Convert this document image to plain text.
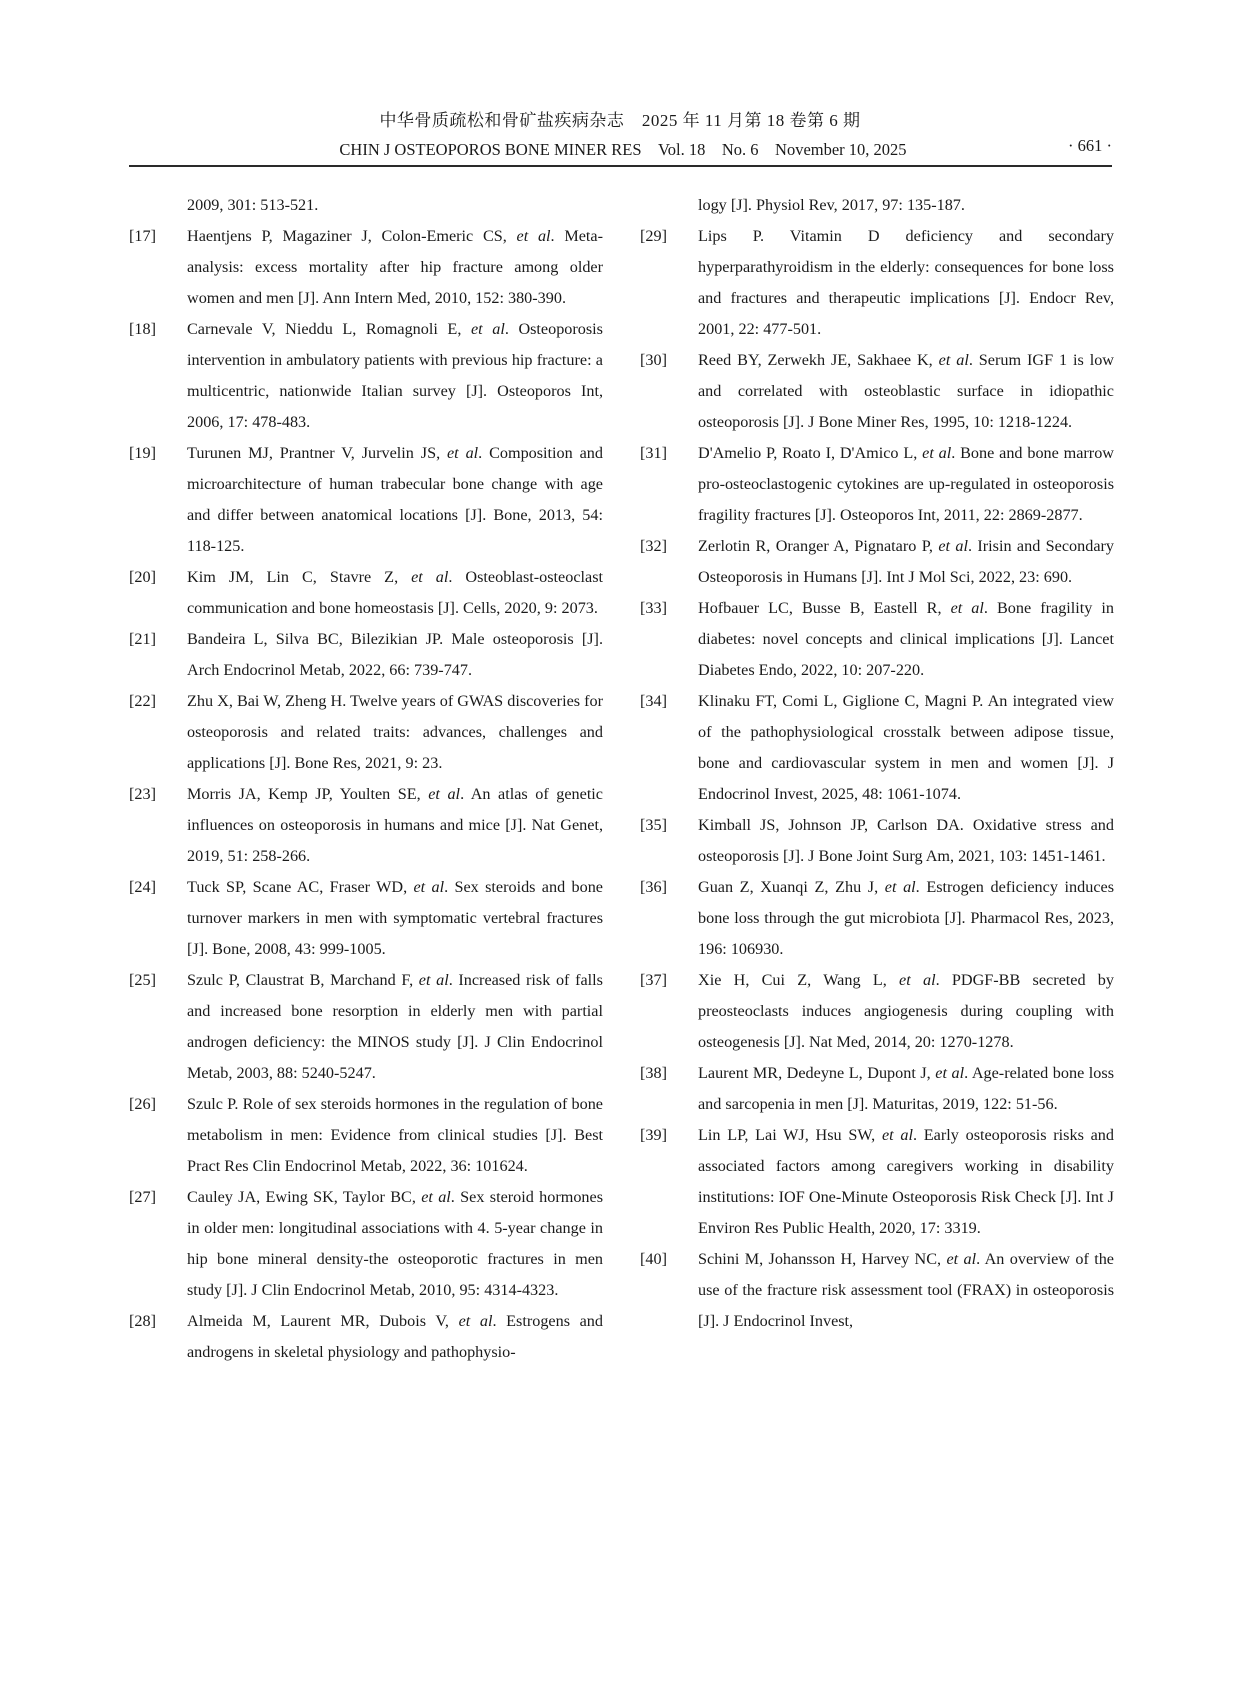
中华骨质疏松和骨矿盐疾病杂志　2025 年 11 月第 18 卷第 6 期
CHIN J OSTEOPOROS BONE MINER RES　Vol. 18　No. 6　November 10, 2025	· 661 ·
2009, 301: 513-521.
[17]	Haentjens P, Magaziner J, Colon-Emeric CS, et al. Meta-analysis: excess mortality after hip fracture among older women and men [J]. Ann Intern Med, 2010, 152: 380-390.
[18]	Carnevale V, Nieddu L, Romagnoli E, et al. Osteoporosis intervention in ambulatory patients with previous hip fracture: a multicentric, nationwide Italian survey [J]. Osteoporos Int, 2006, 17: 478-483.
[19]	Turunen MJ, Prantner V, Jurvelin JS, et al. Composition and microarchitecture of human trabecular bone change with age and differ between anatomical locations [J]. Bone, 2013, 54: 118-125.
[20]	Kim JM, Lin C, Stavre Z, et al. Osteoblast-osteoclast communication and bone homeostasis [J]. Cells, 2020, 9: 2073.
[21]	Bandeira L, Silva BC, Bilezikian JP. Male osteoporosis [J]. Arch Endocrinol Metab, 2022, 66: 739-747.
[22]	Zhu X, Bai W, Zheng H. Twelve years of GWAS discoveries for osteoporosis and related traits: advances, challenges and applications [J]. Bone Res, 2021, 9: 23.
[23]	Morris JA, Kemp JP, Youlten SE, et al. An atlas of genetic influences on osteoporosis in humans and mice [J]. Nat Genet, 2019, 51: 258-266.
[24]	Tuck SP, Scane AC, Fraser WD, et al. Sex steroids and bone turnover markers in men with symptomatic vertebral fractures [J]. Bone, 2008, 43: 999-1005.
[25]	Szulc P, Claustrat B, Marchand F, et al. Increased risk of falls and increased bone resorption in elderly men with partial androgen deficiency: the MINOS study [J]. J Clin Endocrinol Metab, 2003, 88: 5240-5247.
[26]	Szulc P. Role of sex steroids hormones in the regulation of bone metabolism in men: Evidence from clinical studies [J]. Best Pract Res Clin Endocrinol Metab, 2022, 36: 101624.
[27]	Cauley JA, Ewing SK, Taylor BC, et al. Sex steroid hormones in older men: longitudinal associations with 4. 5-year change in hip bone mineral density-the osteoporotic fractures in men study [J]. J Clin Endocrinol Metab, 2010, 95: 4314-4323.
[28]	Almeida M, Laurent MR, Dubois V, et al. Estrogens and androgens in skeletal physiology and pathophysio-
logy [J]. Physiol Rev, 2017, 97: 135-187.
[29]	Lips P. Vitamin D deficiency and secondary hyperparathyroidism in the elderly: consequences for bone loss and fractures and therapeutic implications [J]. Endocr Rev, 2001, 22: 477-501.
[30]	Reed BY, Zerwekh JE, Sakhaee K, et al. Serum IGF 1 is low and correlated with osteoblastic surface in idiopathic osteoporosis [J]. J Bone Miner Res, 1995, 10: 1218-1224.
[31]	D'Amelio P, Roato I, D'Amico L, et al. Bone and bone marrow pro-osteoclastogenic cytokines are up-regulated in osteoporosis fragility fractures [J]. Osteoporos Int, 2011, 22: 2869-2877.
[32]	Zerlotin R, Oranger A, Pignataro P, et al. Irisin and Secondary Osteoporosis in Humans [J]. Int J Mol Sci, 2022, 23: 690.
[33]	Hofbauer LC, Busse B, Eastell R, et al. Bone fragility in diabetes: novel concepts and clinical implications [J]. Lancet Diabetes Endo, 2022, 10: 207-220.
[34]	Klinaku FT, Comi L, Giglione C, Magni P. An integrated view of the pathophysiological crosstalk between adipose tissue, bone and cardiovascular system in men and women [J]. J Endocrinol Invest, 2025, 48: 1061-1074.
[35]	Kimball JS, Johnson JP, Carlson DA. Oxidative stress and osteoporosis [J]. J Bone Joint Surg Am, 2021, 103: 1451-1461.
[36]	Guan Z, Xuanqi Z, Zhu J, et al. Estrogen deficiency induces bone loss through the gut microbiota [J]. Pharmacol Res, 2023, 196: 106930.
[37]	Xie H, Cui Z, Wang L, et al. PDGF-BB secreted by preosteoclasts induces angiogenesis during coupling with osteogenesis [J]. Nat Med, 2014, 20: 1270-1278.
[38]	Laurent MR, Dedeyne L, Dupont J, et al. Age-related bone loss and sarcopenia in men [J]. Maturitas, 2019, 122: 51-56.
[39]	Lin LP, Lai WJ, Hsu SW, et al. Early osteoporosis risks and associated factors among caregivers working in disability institutions: IOF One-Minute Osteoporosis Risk Check [J]. Int J Environ Res Public Health, 2020, 17: 3319.
[40]	Schini M, Johansson H, Harvey NC, et al. An overview of the use of the fracture risk assessment tool (FRAX) in osteoporosis [J]. J Endocrinol Invest,
